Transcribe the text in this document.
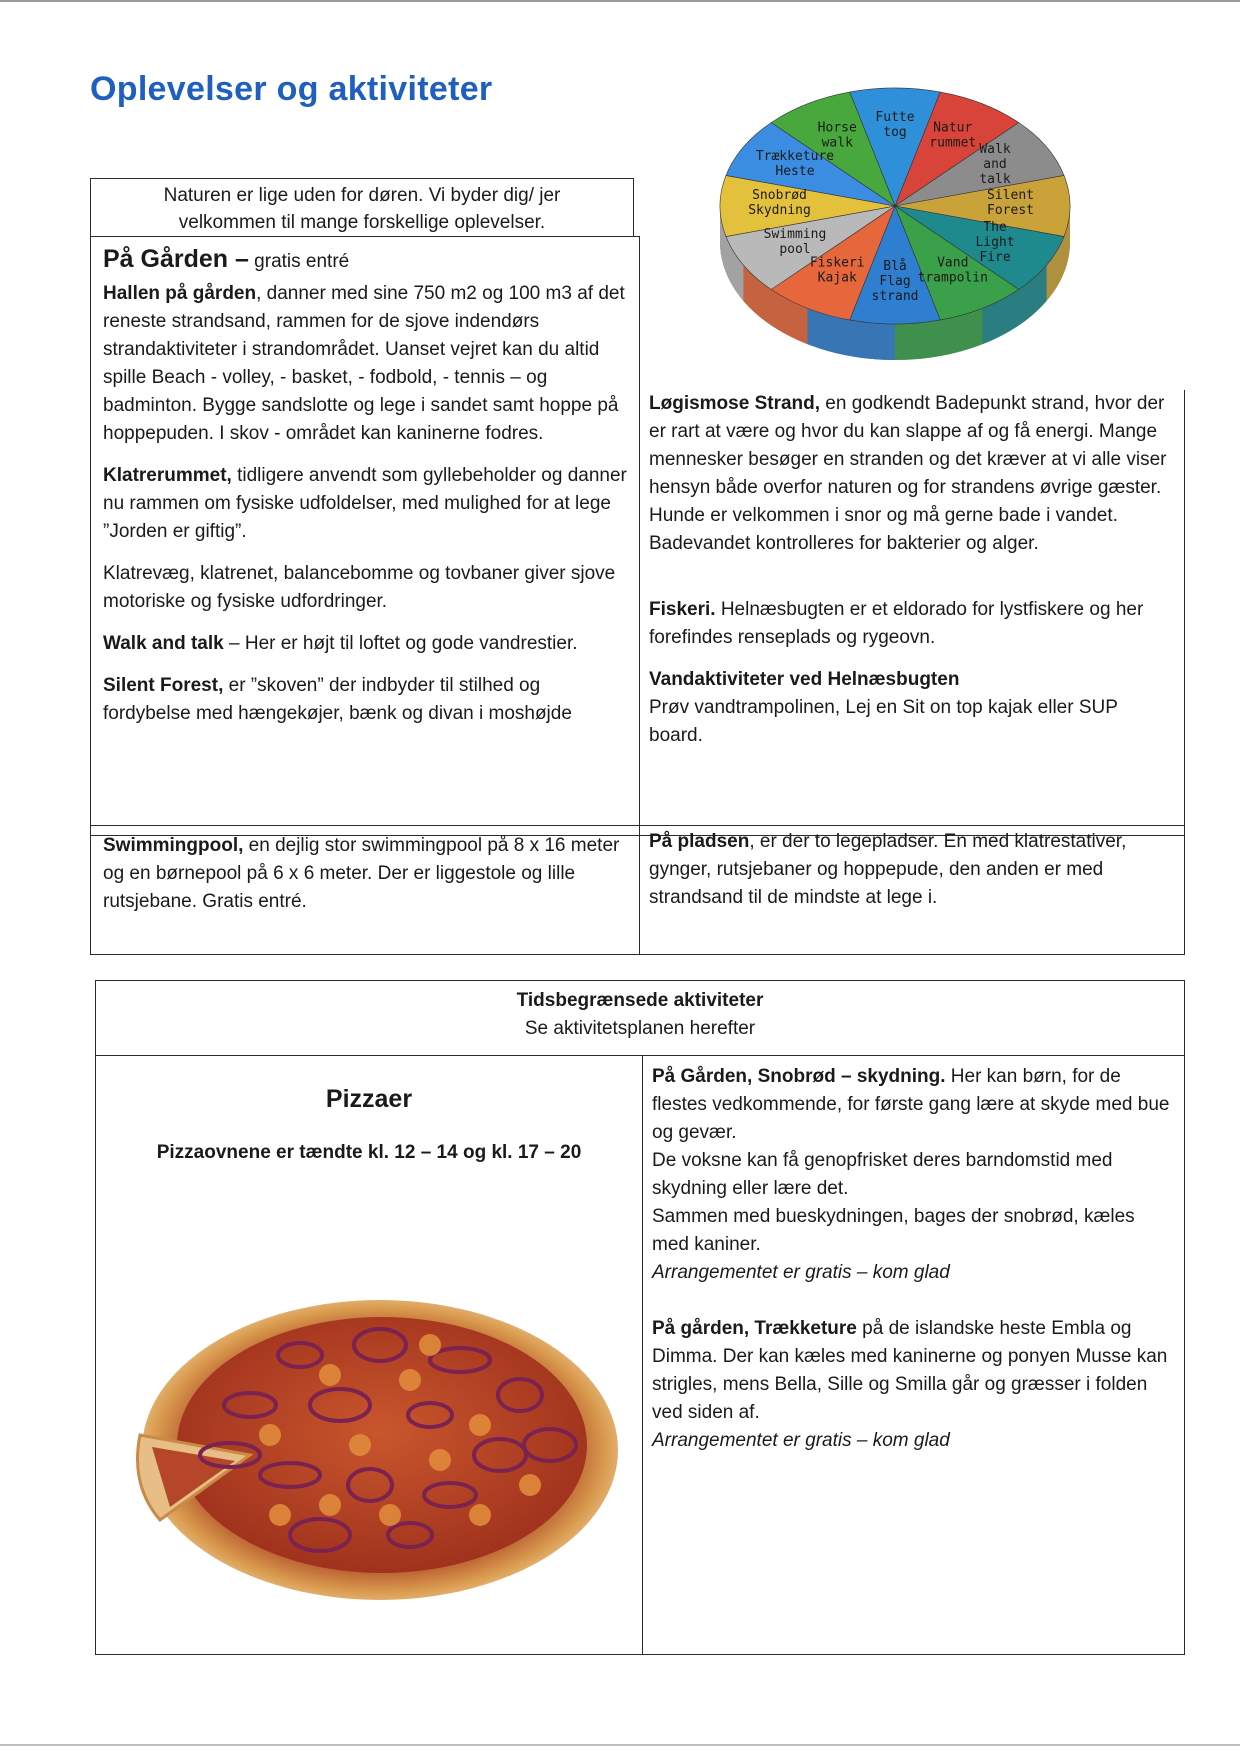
Oplevelser og aktiviteter
Futte tog	Natur rummet Walk and talk
Silent Forest
The Light Fire
Vand trampolin
Blå Flag strand
Fiskeri Kajak
Swimming pool
Snobrød Skydning
Trækketure Heste
Horse walk
Naturen er lige uden for døren. Vi byder dig/ jer
velkommen til mange forskellige oplevelser.
På Gården – gratis entré
Hallen på gården, danner med sine 750 m2 og 100 m3 af det reneste strandsand, rammen for de sjove indendørs strandaktiviteter i strandområdet. Uanset vejret kan du altid spille Beach - volley, - basket, - fodbold, - tennis – og badminton. Bygge sandslotte og lege i sandet samt hoppe på hoppepuden. I skov - området kan kaninerne fodres.
Klatrerummet, tidligere anvendt som gyllebeholder og danner nu rammen om fysiske udfoldelser, med mulighed for at lege ”Jorden er giftig”.
Klatrevæg, klatrenet, balancebomme og tovbaner giver sjove motoriske og fysiske udfordringer.
Walk and talk – Her er højt til loftet og gode vandrestier.
Silent Forest, er ”skoven” der indbyder til stilhed og fordybelse med hængekøjer, bænk og divan i moshøjde
Løgismose Strand, en godkendt Badepunkt strand, hvor der er rart at være og hvor du kan slappe af og få energi. Mange mennesker besøger en stranden og det kræver at vi alle viser hensyn både overfor naturen og for strandens øvrige gæster. Hunde er velkommen i snor og må gerne bade i vandet.
Badevandet kontrolleres for bakterier og alger.
Fiskeri. Helnæsbugten er et eldorado for lystfiskere og her forefindes renseplads og rygeovn.
Vandaktiviteter ved Helnæsbugten
Prøv vandtrampolinen, Lej en Sit on top kajak eller SUP board.
Swimmingpool, en dejlig stor swimmingpool på 8 x 16 meter og en børnepool på 6 x 6 meter. Der er liggestole og lille rutsjebane. Gratis entré.
På pladsen, er der to legepladser. En med klatrestativer, gynger, rutsjebaner og hoppepude, den anden er med strandsand til de mindste at lege i.
Tidsbegrænsede aktiviteter
Se aktivitetsplanen herefter
Pizzaer
Pizzaovnene er tændte kl. 12 – 14 og kl. 17 – 20
På Gården, Snobrød – skydning. Her kan børn, for de flestes vedkommende, for første gang lære at skyde med bue og gevær.
De voksne kan få genopfrisket deres barndomstid med skydning eller lære det.
Sammen med bueskydningen, bages der snobrød, kæles med kaniner.
Arrangementet er gratis – kom glad
På gården, Trækketure på de islandske heste Embla og Dimma. Der kan kæles med kaninerne og ponyen Musse kan strigles, mens Bella, Sille og Smilla går og græsser i folden ved siden af.
Arrangementet er gratis – kom glad
